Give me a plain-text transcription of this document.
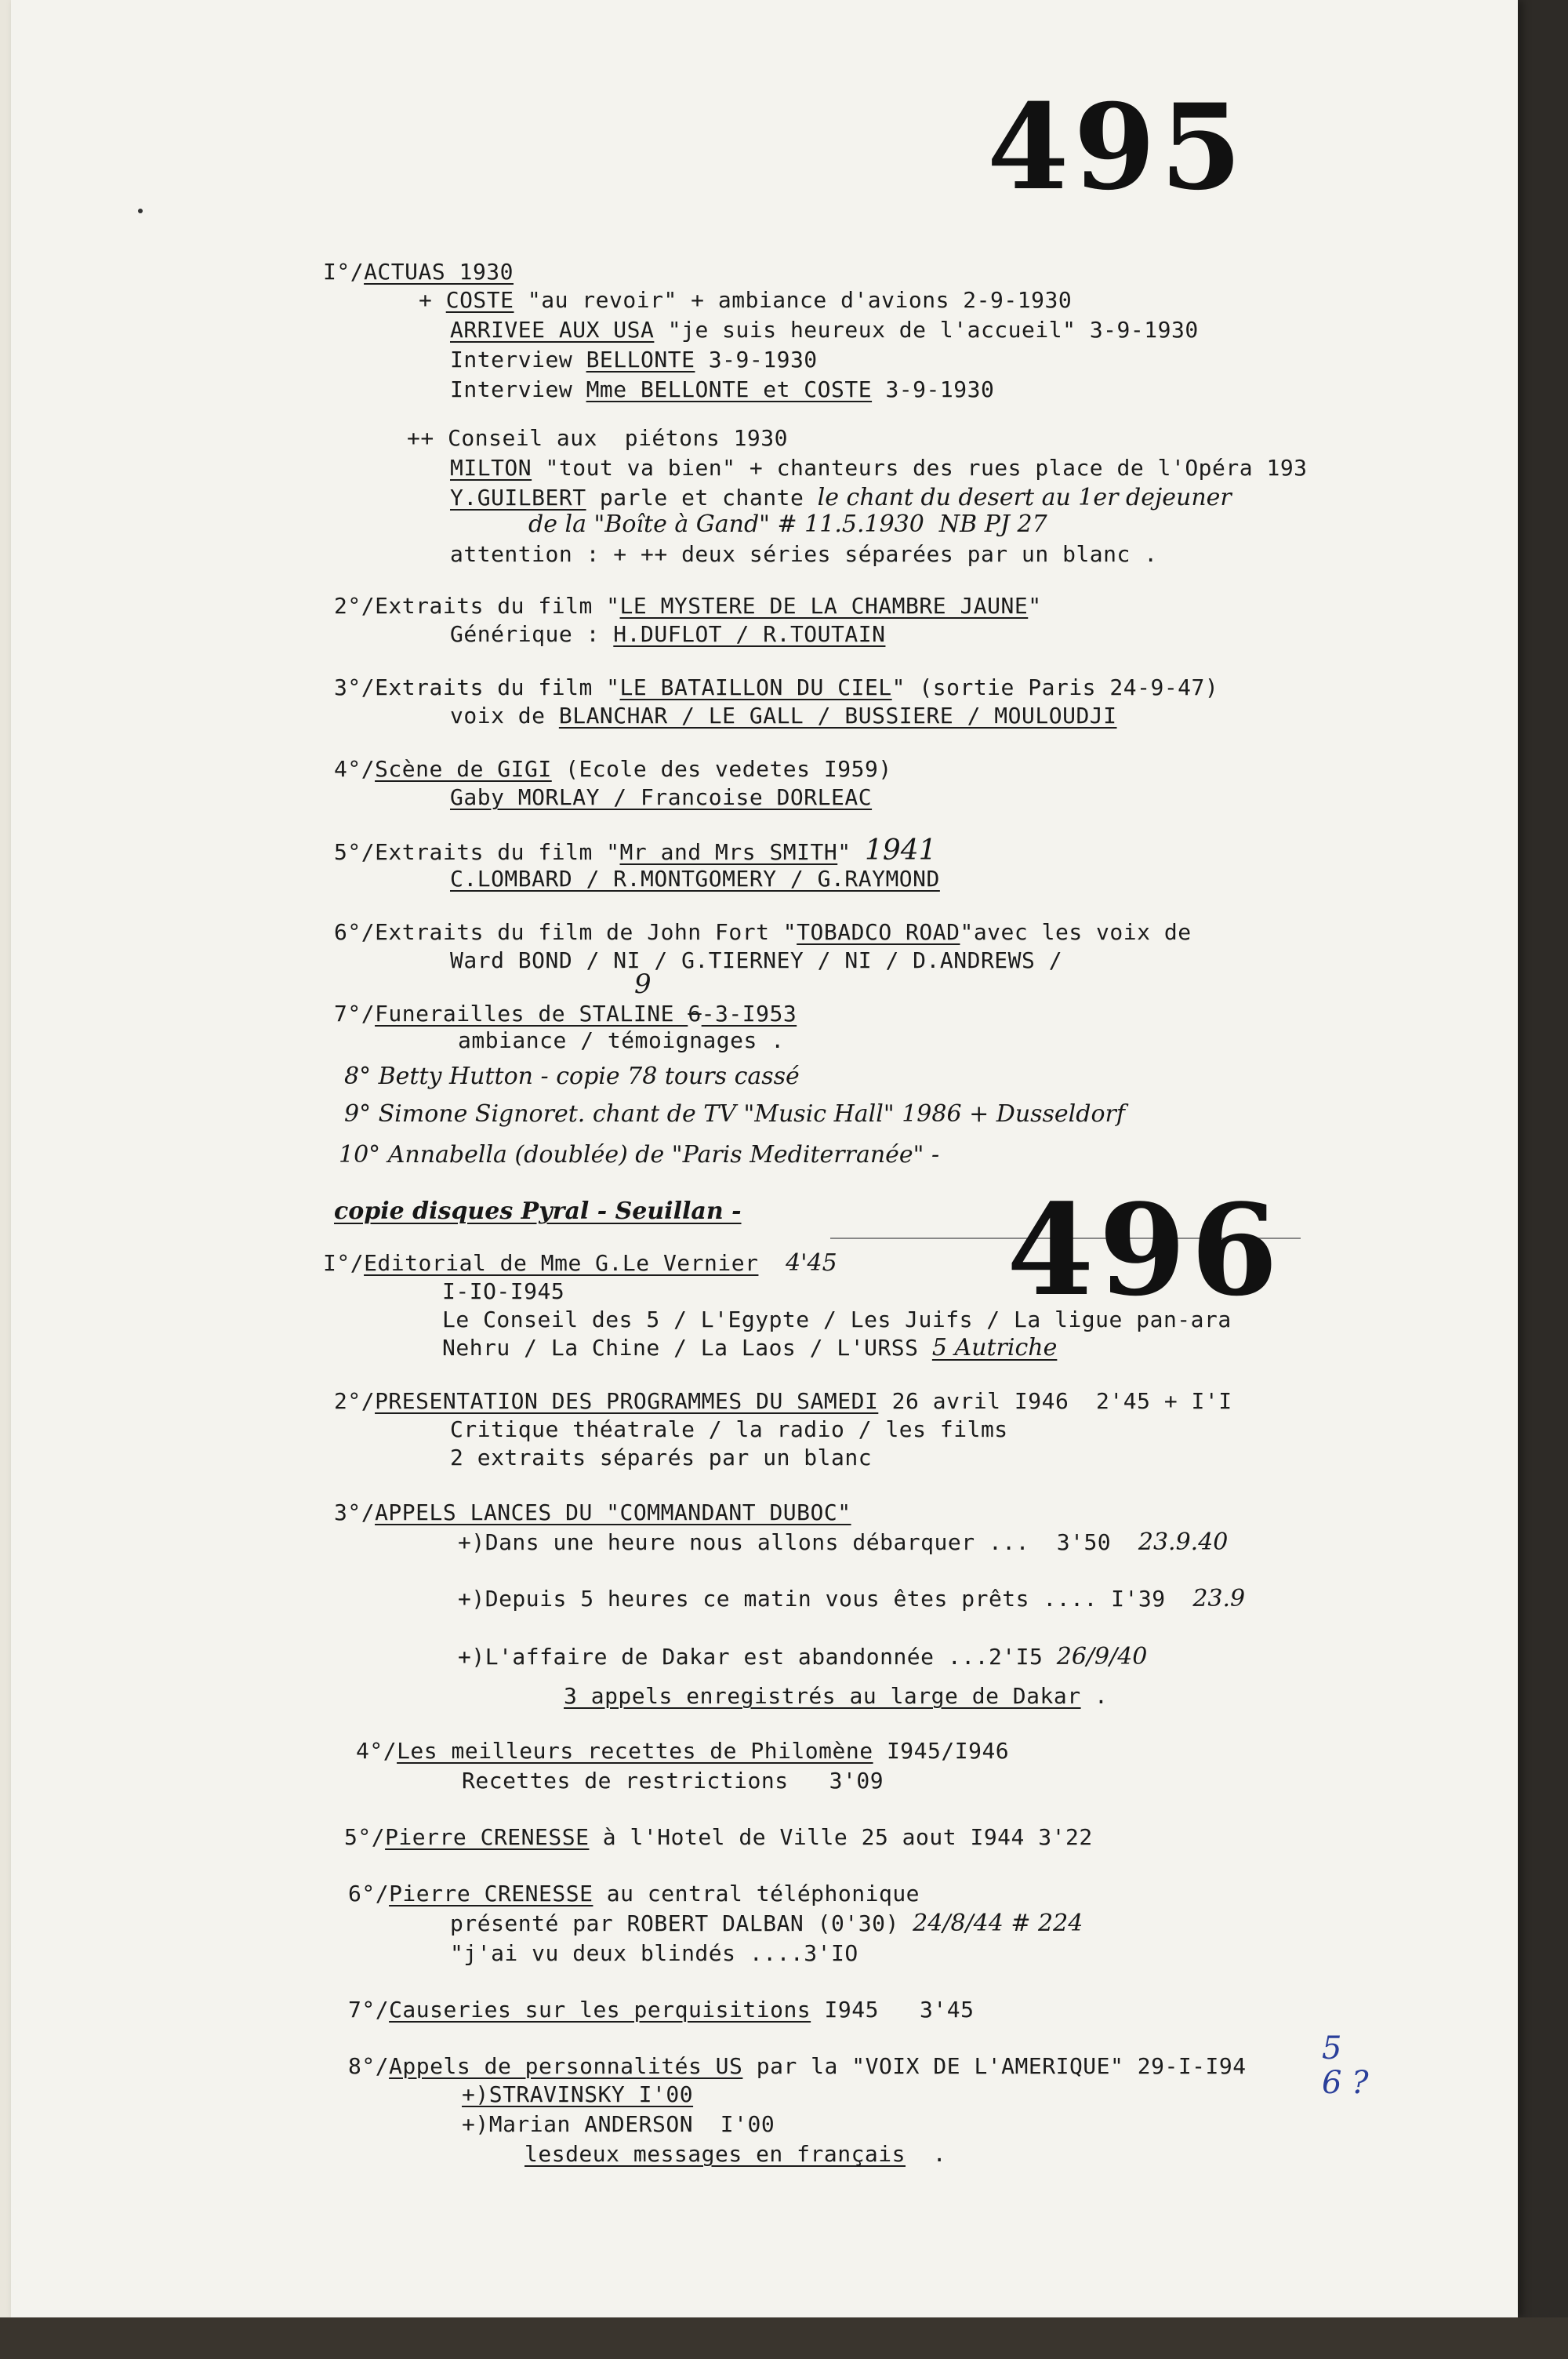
495
I°/ACTUAS 1930
+ COSTE "au revoir" + ambiance d'avions 2-9-1930
ARRIVEE AUX USA "je suis heureux de l'accueil" 3-9-1930
Interview BELLONTE 3-9-1930
Interview Mme BELLONTE et COSTE 3-9-1930
++ Conseil aux  piétons 1930
MILTON "tout va bien" + chanteurs des rues place de l'Opéra 193
Y.GUILBERT parle et chante le chant du desert au 1er dejeuner
de la "Boîte à Gand" # 11.5.1930  NB PJ 27
attention : + ++ deux séries séparées par un blanc .
2°/Extraits du film "LE MYSTERE DE LA CHAMBRE JAUNE"
Générique : H.DUFLOT / R.TOUTAIN
3°/Extraits du film "LE BATAILLON DU CIEL" (sortie Paris 24-9-47)
voix de BLANCHAR / LE GALL / BUSSIERE / MOULOUDJI
4°/Scène de GIGI (Ecole des vedetes I959)
Gaby MORLAY / Francoise DORLEAC
5°/Extraits du film "Mr and Mrs SMITH" 1941
C.LOMBARD / R.MONTGOMERY / G.RAYMOND
6°/Extraits du film de John Fort "TOBADCO ROAD"avec les voix de
Ward BOND / NI / G.TIERNEY / NI / D.ANDREWS /
7°/Funerailles de STALINE 6-3-I953
9
ambiance / témoignages .
8° Betty Hutton - copie 78 tours cassé
9° Simone Signoret. chant de TV "Music Hall" 1986 + Dusseldorf
10° Annabella (doublée) de "Paris Mediterranée" -
copie disques Pyral - Seuillan - 496
I°/Editorial de Mme G.Le Vernier 4'45
I-IO-I945
Le Conseil des 5 / L'Egypte / Les Juifs / La ligue pan-ara
Nehru / La Chine / La Laos / L'URSS 5 Autriche
2°/PRESENTATION DES PROGRAMMES DU SAMEDI 26 avril I946  2'45 + I'I
Critique théatrale / la radio / les films
2 extraits séparés par un blanc
3°/APPELS LANCES DU "COMMANDANT DUBOC"
+)Dans une heure nous allons débarquer ...  3'50 23.9.40
+)Depuis 5 heures ce matin vous êtes prêts .... I'39 23.9
+)L'affaire de Dakar est abandonnée ...2'I5 26/9/40
3 appels enregistrés au large de Dakar .
4°/Les meilleurs recettes de Philomène I945/I946
Recettes de restrictions   3'09
5°/Pierre CRENESSE à l'Hotel de Ville 25 aout I944 3'22
6°/Pierre CRENESSE au central téléphonique
présenté par ROBERT DALBAN (0'30) 24/8/44 # 224
"j'ai vu deux blindés ....3'IO
7°/Causeries sur les perquisitions I945   3'45
8°/Appels de personnalités US par la "VOIX DE L'AMERIQUE" 29-I-I94 5 6 ?
+)STRAVINSKY I'00
+)Marian ANDERSON  I'00
lesdeux messages en français  .
